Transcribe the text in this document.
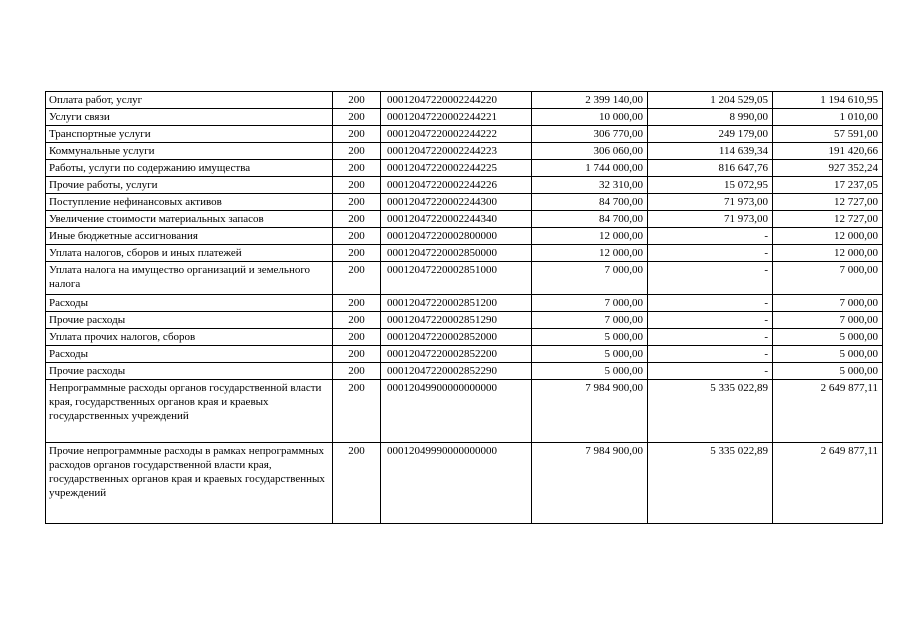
Оплата работ, услуг	200	00012047220002244220	2 399 140,00	1 204 529,05	1 194 610,95
Услуги связи	200	00012047220002244221	10 000,00	8 990,00	1 010,00
Транспортные услуги	200	00012047220002244222	306 770,00	249 179,00	57 591,00
Коммунальные услуги	200	00012047220002244223	306 060,00	114 639,34	191 420,66
Работы, услуги по содержанию имущества	200	00012047220002244225	1 744 000,00	816 647,76	927 352,24
Прочие работы, услуги	200	00012047220002244226	32 310,00	15 072,95	17 237,05
Поступление нефинансовых активов	200	00012047220002244300	84 700,00	71 973,00	12 727,00
Увеличение стоимости материальных запасов	200	00012047220002244340	84 700,00	71 973,00	12 727,00
Иные бюджетные ассигнования	200	00012047220002800000	12 000,00	-	12 000,00
Уплата налогов, сборов и иных платежей	200	00012047220002850000	12 000,00	-	12 000,00
Уплата налога на имущество организаций и земельного налога	200	00012047220002851000	7 000,00	-	7 000,00
Расходы	200	00012047220002851200	7 000,00	-	7 000,00
Прочие расходы	200	00012047220002851290	7 000,00	-	7 000,00
Уплата прочих налогов, сборов	200	00012047220002852000	5 000,00	-	5 000,00
Расходы	200	00012047220002852200	5 000,00	-	5 000,00
Прочие расходы	200	00012047220002852290	5 000,00	-	5 000,00
Непрограммные расходы органов государственной власти края, государственных органов края и краевых государственных учреждений	200	00012049900000000000	7 984 900,00	5 335 022,89	2 649 877,11
Прочие непрограммные расходы в рамках непрограммных расходов органов государственной власти края, государственных органов края и краевых государственных учреждений	200	00012049990000000000	7 984 900,00	5 335 022,89	2 649 877,11
